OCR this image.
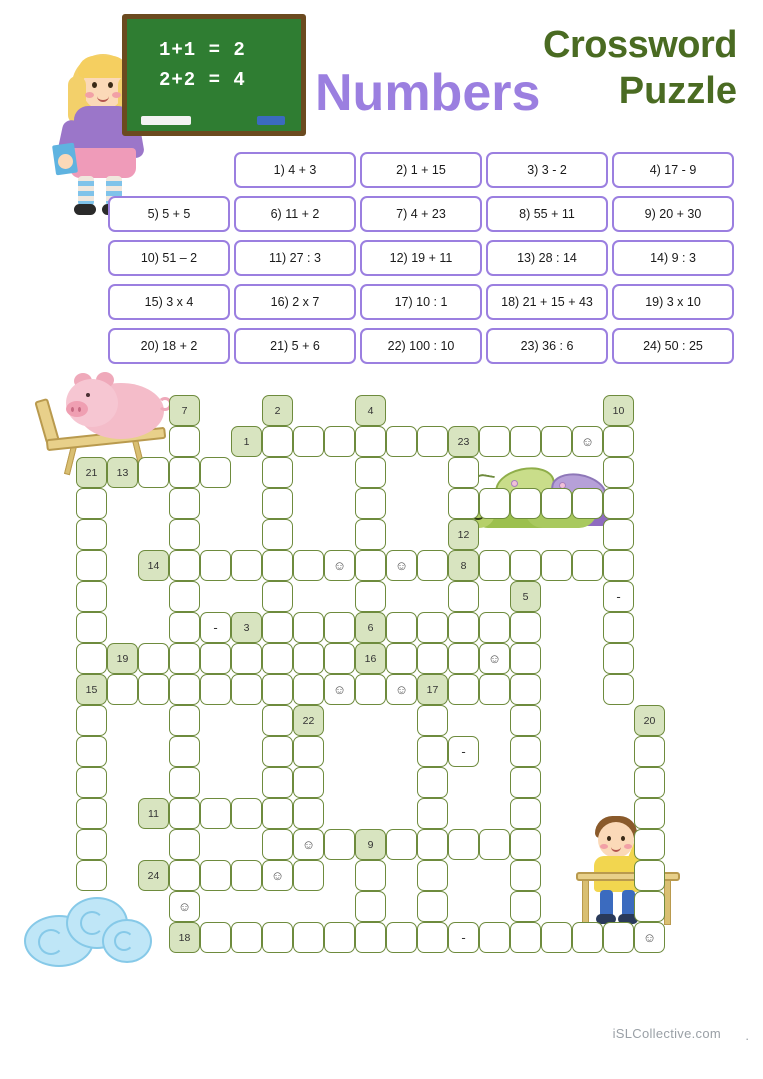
1+1 = 2
2+2 = 4 Numbers
Crossword
Puzzle
1) 4 + 3	2) 1 + 15	3) 3 - 2	4) 17 - 9
5) 5 + 5	6) 11 + 2	7) 4 + 23	8) 55 + 11	9) 20 + 30
10) 51 – 2	11) 27 : 3	12) 19 + 11	13) 28 : 14	14) 9 : 3
15) 3 x 4	16) 2 x 7	17) 10 : 1	18) 21 + 15 + 43	19) 3 x 10
20) 18 + 2	21) 5 + 6	22) 100 : 10	23) 36 : 6	24) 50 : 25
7	2	4	10
1	23	☺
21	13
12
14	☺	☺	8
5	-
-	3	6
19	16	☺
15	☺	☺	17
22	20
-
11
☺	9
24	☺
☺
18	-	☺
iSLCollective.com .
